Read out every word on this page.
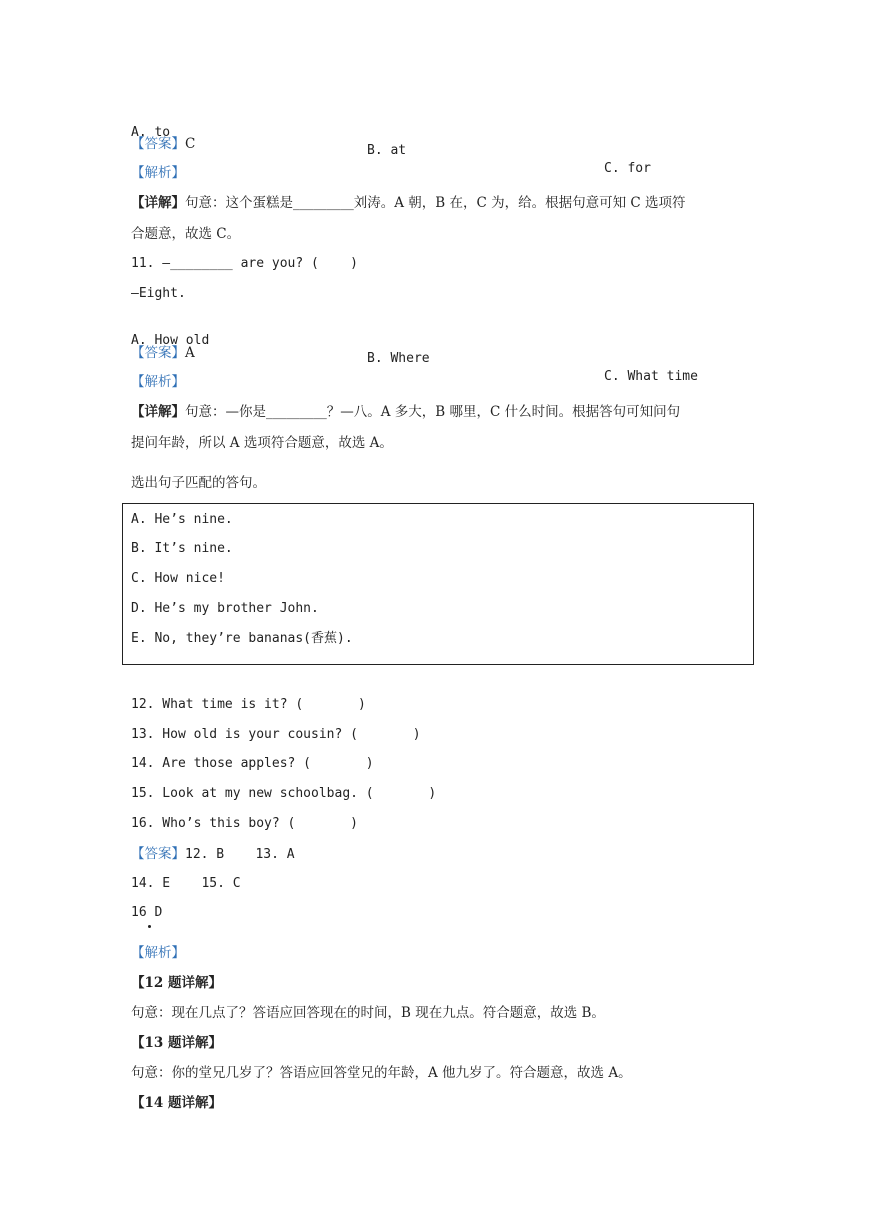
A. to

B. at

C. for

【答案】C
【解析】
【详解】句意：这个蛋糕是_________刘涛。A 朝，B 在，C 为，给。根据句意可知 C 选项符
合题意，故选 C。
11. —________ are you? (    )
—Eight.

A. How old

B. Where

C. What time

【答案】A
【解析】
【详解】句意：—你是_________？—八。A 多大，B 哪里，C 什么时间。根据答句可知问句
提问年龄，所以 A 选项符合题意，故选 A。
选出句子匹配的答句。
A. He’s nine.
B. It’s nine.
C. How nice!
D. He’s my brother John.
E. No, they’re bananas(香蕉).
12. What time is it? (       )
13. How old is your cousin? (       )
14. Are those apples? (       )
15. Look at my new schoolbag. (       )
16. Who’s this boy? (       )
【答案】12. B    13. A
14. E    15. C
16 D
【解析】
【12 题详解】
句意：现在几点了？答语应回答现在的时间，B 现在九点。符合题意，故选 B。
【13 题详解】
句意：你的堂兄几岁了？答语应回答堂兄的年龄，A 他九岁了。符合题意，故选 A。
【14 题详解】
